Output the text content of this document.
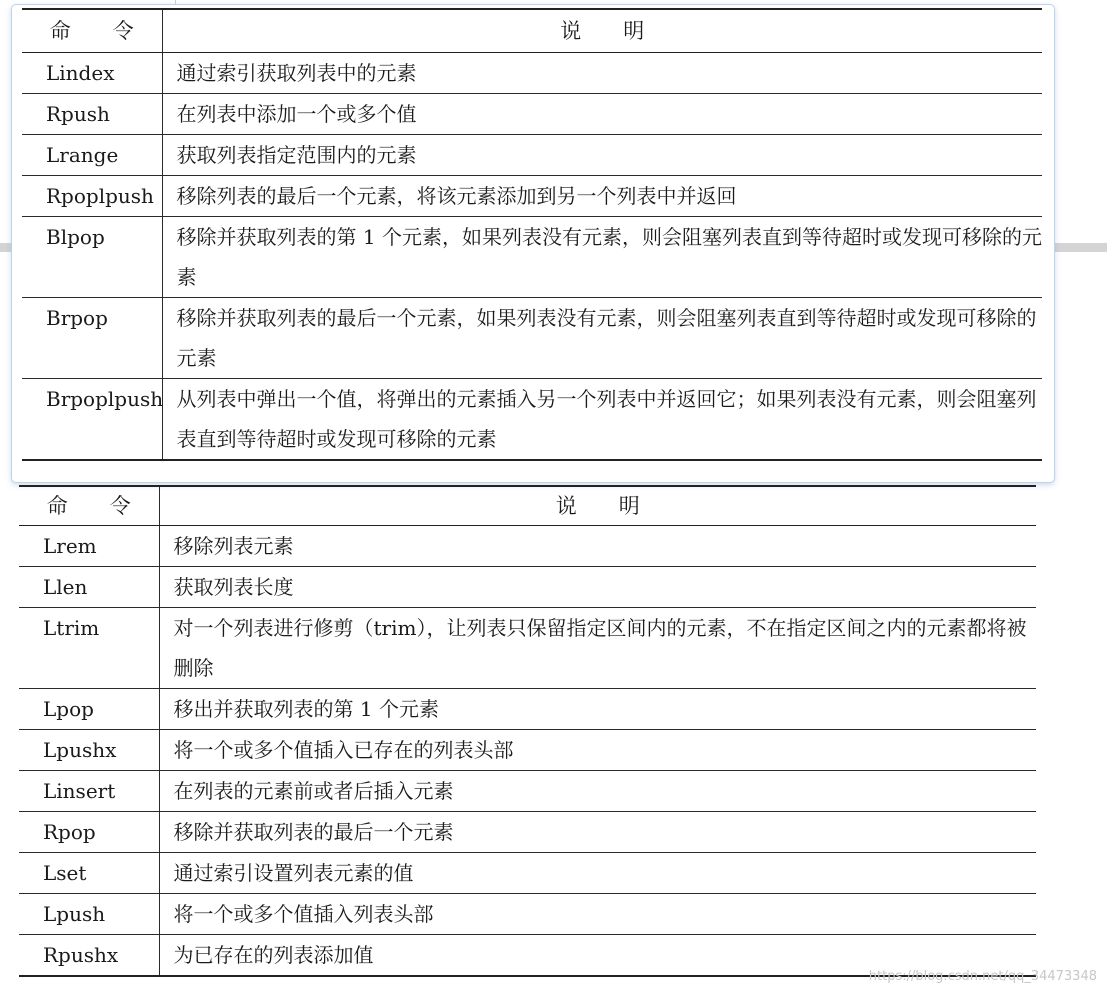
命　　令	说　　明
Lindex	通过索引获取列表中的元素
Rpush	在列表中添加一个或多个值
Lrange	获取列表指定范围内的元素
Rpoplpush	移除列表的最后一个元素，将该元素添加到另一个列表中并返回
Blpop	移除并获取列表的第 1 个元素，如果列表没有元素，则会阻塞列表直到等待超时或发现可移除的元素
Brpop	移除并获取列表的最后一个元素，如果列表没有元素，则会阻塞列表直到等待超时或发现可移除的元素
Brpoplpush	从列表中弹出一个值，将弹出的元素插入另一个列表中并返回它；如果列表没有元素，则会阻塞列表直到等待超时或发现可移除的元素
命　　令	说　　明
Lrem	移除列表元素
Llen	获取列表长度
Ltrim	对一个列表进行修剪（trim），让列表只保留指定区间内的元素，不在指定区间之内的元素都将被删除
Lpop	移出并获取列表的第 1 个元素
Lpushx	将一个或多个值插入已存在的列表头部
Linsert	在列表的元素前或者后插入元素
Rpop	移除并获取列表的最后一个元素
Lset	通过索引设置列表元素的值
Lpush	将一个或多个值插入列表头部
Rpushx	为已存在的列表添加值
https://blog.csdn.net/qq_34473348
